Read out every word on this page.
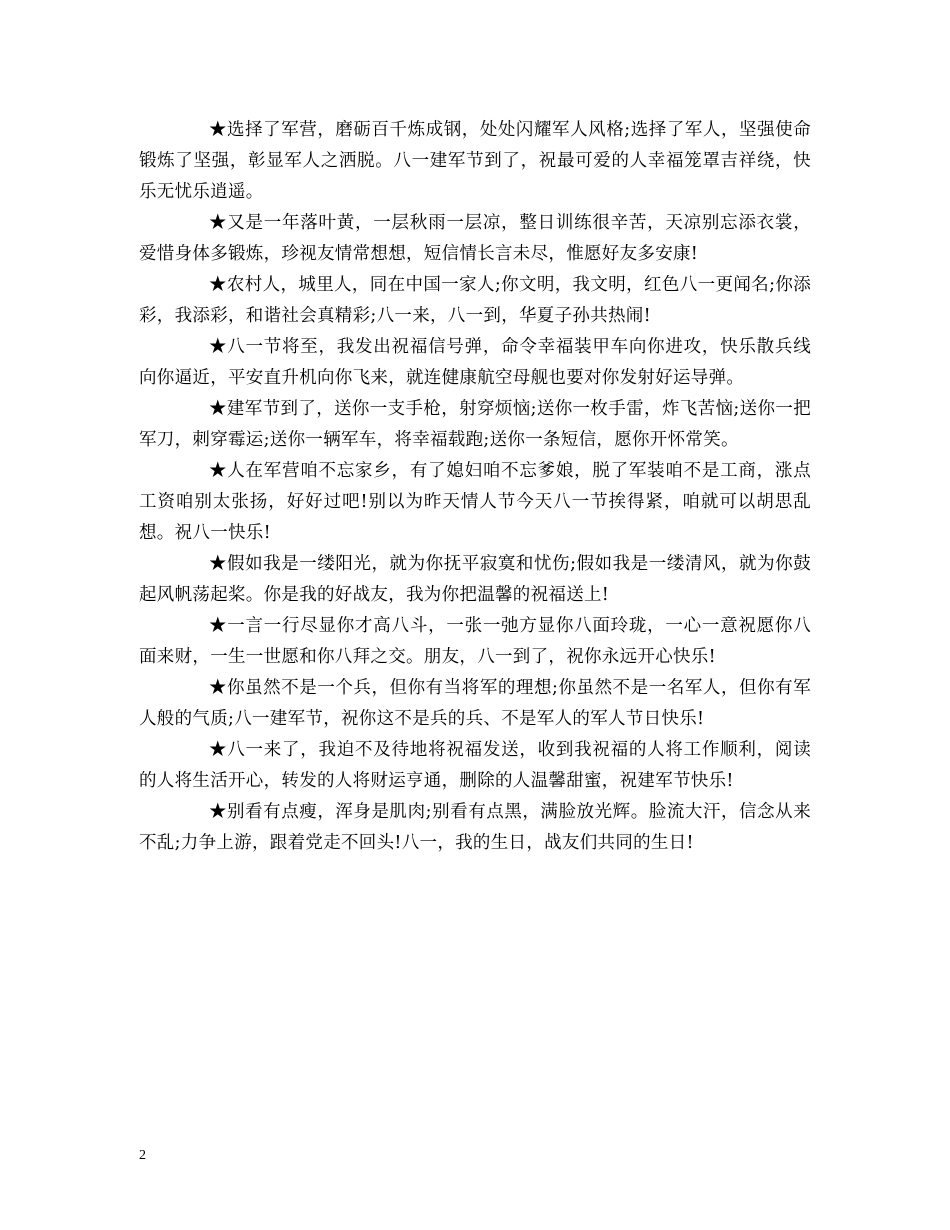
★选择了军营，磨砺百千炼成钢，处处闪耀军人风格;选择了军人，坚强使命锻炼了坚强，彰显军人之洒脱。八一建军节到了，祝最可爱的人幸福笼罩吉祥绕，快乐无忧乐逍遥。

★又是一年落叶黄，一层秋雨一层凉，整日训练很辛苦，天凉别忘添衣裳，爱惜身体多锻炼，珍视友情常想想，短信情长言未尽，惟愿好友多安康!

★农村人，城里人，同在中国一家人;你文明，我文明，红色八一更闻名;你添彩，我添彩，和谐社会真精彩;八一来，八一到，华夏子孙共热闹!

★八一节将至，我发出祝福信号弹，命令幸福装甲车向你进攻，快乐散兵线向你逼近，平安直升机向你飞来，就连健康航空母舰也要对你发射好运导弹。

★建军节到了，送你一支手枪，射穿烦恼;送你一枚手雷，炸飞苦恼;送你一把军刀，刺穿霉运;送你一辆军车，将幸福载跑;送你一条短信，愿你开怀常笑。

★人在军营咱不忘家乡，有了媳妇咱不忘爹娘，脱了军装咱不是工商，涨点工资咱别太张扬，好好过吧!别以为昨天情人节今天八一节挨得紧，咱就可以胡思乱想。祝八一快乐!

★假如我是一缕阳光，就为你抚平寂寞和忧伤;假如我是一缕清风，就为你鼓起风帆荡起桨。你是我的好战友，我为你把温馨的祝福送上!

★一言一行尽显你才高八斗，一张一弛方显你八面玲珑，一心一意祝愿你八面来财，一生一世愿和你八拜之交。朋友，八一到了，祝你永远开心快乐!

★你虽然不是一个兵，但你有当将军的理想;你虽然不是一名军人，但你有军人般的气质;八一建军节，祝你这不是兵的兵、不是军人的军人节日快乐!

★八一来了，我迫不及待地将祝福发送，收到我祝福的人将工作顺利，阅读的人将生活开心，转发的人将财运亨通，删除的人温馨甜蜜，祝建军节快乐!

★别看有点瘦，浑身是肌肉;别看有点黑，满脸放光辉。脸流大汗，信念从来不乱;力争上游，跟着党走不回头!八一，我的生日，战友们共同的生日!

2
